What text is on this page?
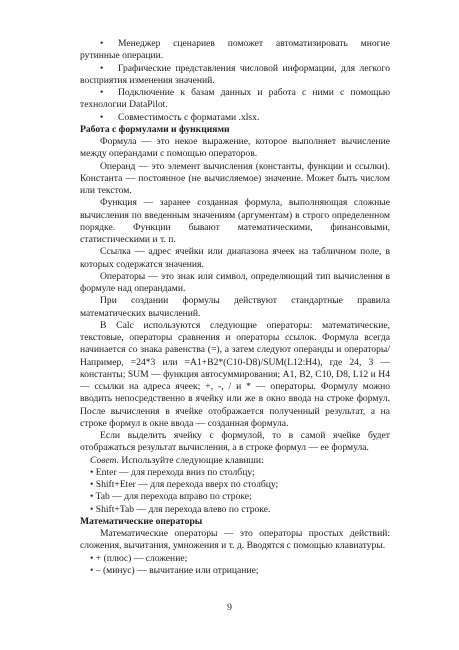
• Менеджер сценариев поможет автоматизировать многие рутинные операции.

• Графические представления числовой информации, для легкого восприятия изменения значений.

• Подключение к базам данных и работа с ними с помощью технологии DataPilot.

• Совместимость с форматами .xlsx.

Работа с формулами и функциями

Формула — это некое выражение, которое выполняет вычисление между операндами с помощью операторов.

Операнд — это элемент вычисления (константы, функции и ссылки). Константа — постоянное (не вычисляемое) значение. Может быть числом или текстом.

Функция — заранее созданная формула, выполняющая сложные вычисления по введенным значениям (аргументам) в строго определенном порядке. Функции бывают математическими, финансовыми, статистическими и т. п.

Ссылка — адрес ячейки или диапазона ячеек на табличном поле, в которых содержатся значения.

Операторы — это знак или символ, определяющий тип вычисления в формуле над операндами.

При создании формулы действуют стандартные правила математических вычислений.

В Calc используются следующие операторы: математические, текстовые, операторы сравнения и операторы ссылок. Формула всегда начинается со знака равенства (=), а затем следуют операнды и операторы/ Например, =24*3 или =A1+B2*(C10-D8)/SUM(L12:H4), где 24, 3 — константы; SUM — функция автосуммирования; A1, B2, C10, D8, L12 и H4 — ссылки на адреса ячеек; +, -, / и * — операторы. Формулу можно вводить непосредственно в ячейку или же в окно ввода на строке формул. После вычисления в ячейке отображается полученный результат, а на строке формул в окне ввода — созданная формула.

Если выделить ячейку с формулой, то в самой ячейке будет отображаться результат вычисления, а в строке формул — ее формула.

Совет. Используйте следующие клавиши:

• Enter — для перехода вниз по столбцу;

• Shift+Eter — для перехода вверх по столбцу;

• Tab — для перехода вправо по строке;

• Shift+Tab — для перехода влево по строке.

Математические операторы

Математические операторы — это операторы простых действий: сложения, вычитания, умножения и т. д. Вводятся с помощью клавиатуры.

• + (плюс) — сложение;

• – (минус) — вычитание или отрицание;

9
